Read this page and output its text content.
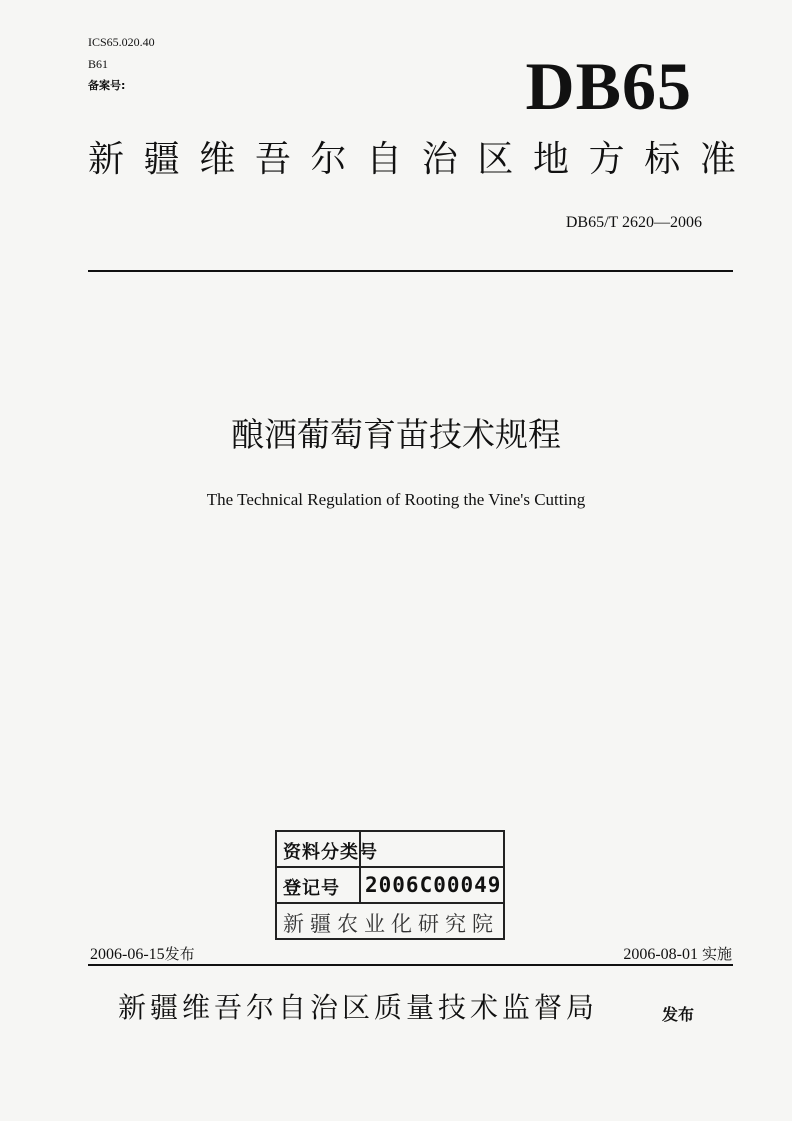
ICS65.020.40
B61
备案号:	DB65
新 疆 维 吾 尔 自 治 区 地 方 标 准
DB65/T 2620—2006
酿酒葡萄育苗技术规程
The Technical Regulation of Rooting the Vine's Cutting
资料分类号
登记号 2006C00049
新疆农业化研究院
2006-06-15发布	2006-08-01 实施
新疆维吾尔自治区质量技术监督局	发布
